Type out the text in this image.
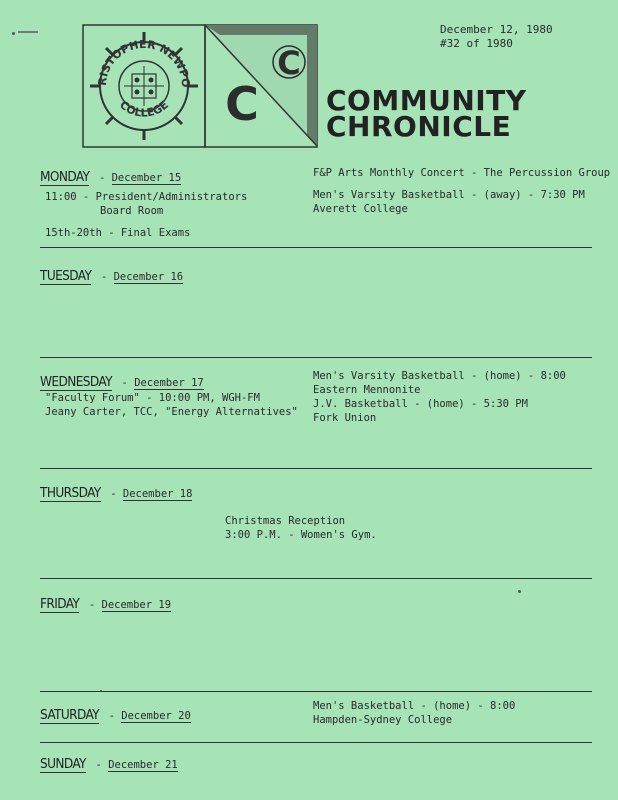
December 12, 1980
#32 of 1980
RISTOPHER NEWPO
COLLEGE C
C
COMMUNITY
CHRONICLE
MONDAY - December 15
11:00 - President/Administrators
Board Room
15th-20th - Final Exams
F&P Arts Monthly Concert - The Percussion Group
Men's Varsity Basketball - (away) - 7:30 PM
Averett College
TUESDAY - December 16
WEDNESDAY - December 17
"Faculty Forum" - 10:00 PM, WGH-FM
Jeany Carter, TCC, "Energy Alternatives"
Men's Varsity Basketball - (home) - 8:00
Eastern Mennonite
J.V. Basketball - (home) - 5:30 PM
Fork Union
THURSDAY - December 18
Christmas Reception
3:00 P.M. - Women's Gym.
FRIDAY - December 19
SATURDAY - December 20
Men's Basketball - (home) - 8:00
Hampden-Sydney College
SUNDAY - December 21
